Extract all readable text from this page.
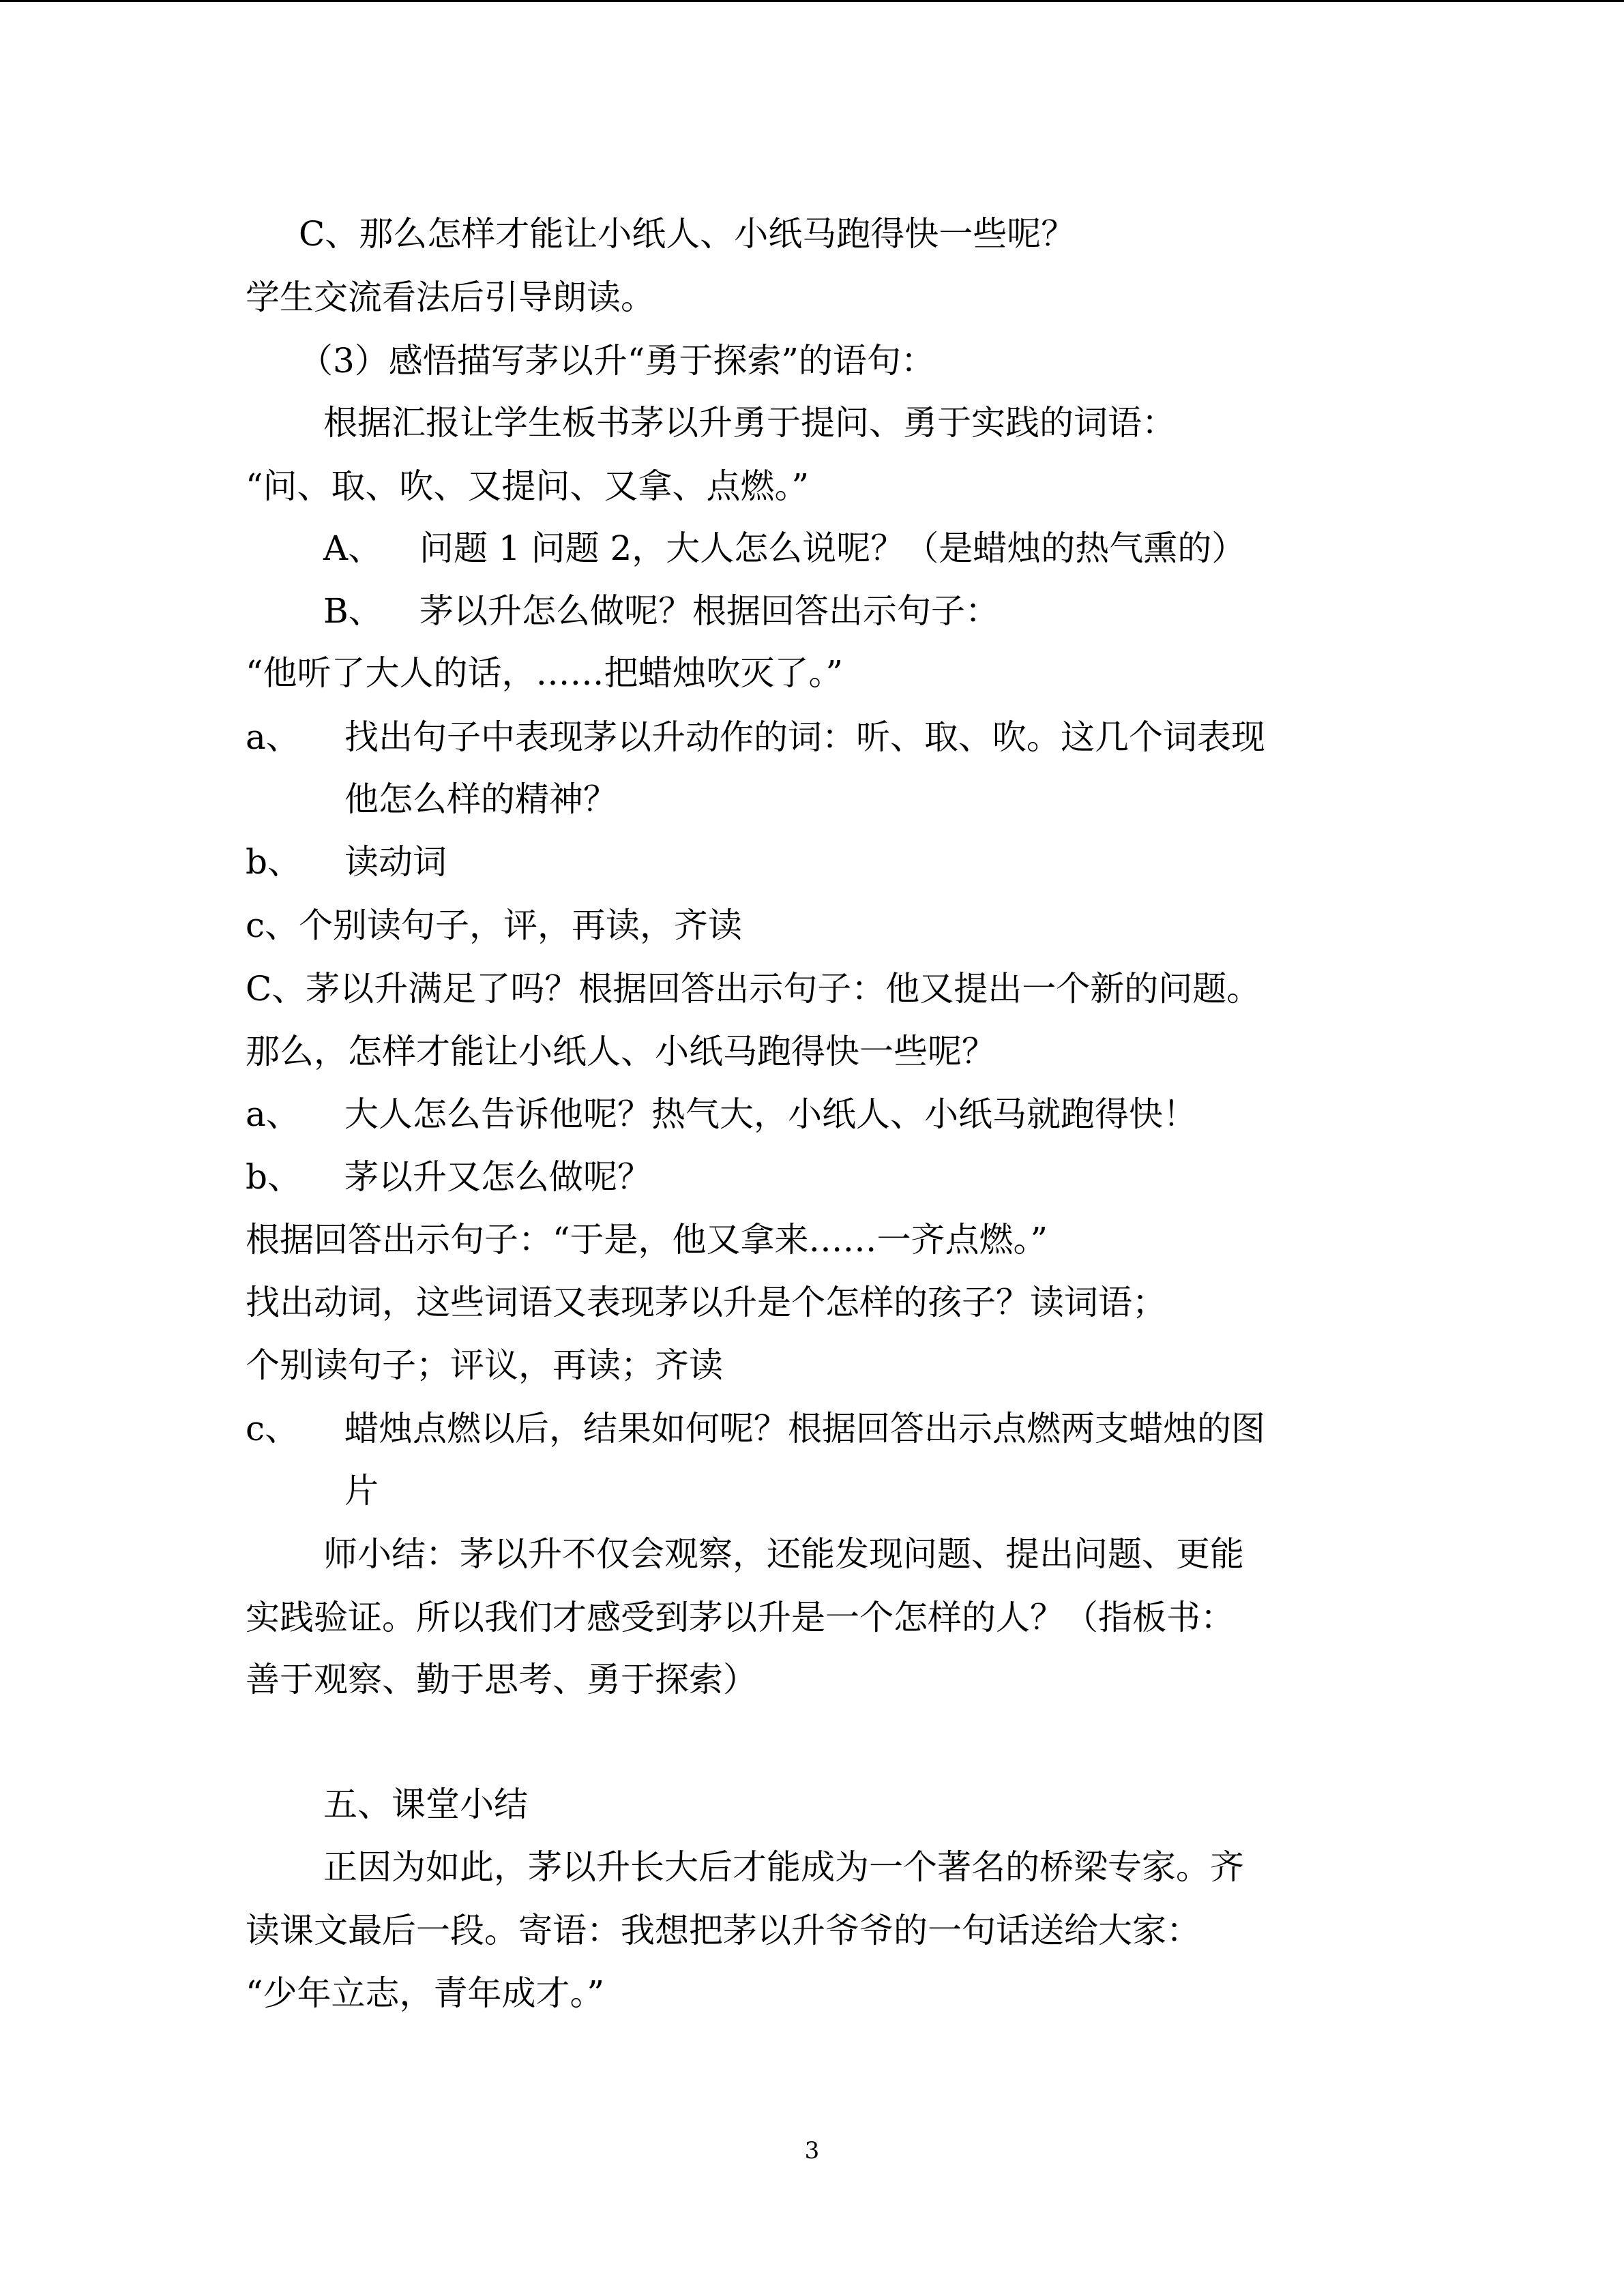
C、那么怎样才能让小纸人、小纸马跑得快一些呢？
学生交流看法后引导朗读。
（3）感悟描写茅以升“勇于探索”的语句：
根据汇报让学生板书茅以升勇于提问、勇于实践的词语：
“问、取、吹、又提问、又拿、点燃。”
A、 问题 1 问题 2，大人怎么说呢？（是蜡烛的热气熏的）
B、 茅以升怎么做呢？根据回答出示句子：
“他听了大人的话，……把蜡烛吹灭了。”
a、 找出句子中表现茅以升动作的词：听、取、吹。这几个词表现
他怎么样的精神？
b、 读动词
c、个别读句子，评，再读，齐读
C、茅以升满足了吗？根据回答出示句子：他又提出一个新的问题。
那么，怎样才能让小纸人、小纸马跑得快一些呢？
a、 大人怎么告诉他呢？热气大，小纸人、小纸马就跑得快！
b、 茅以升又怎么做呢？
根据回答出示句子：“于是，他又拿来……一齐点燃。”
找出动词，这些词语又表现茅以升是个怎样的孩子？读词语；
个别读句子；评议，再读；齐读
c、 蜡烛点燃以后，结果如何呢？根据回答出示点燃两支蜡烛的图
片
师小结：茅以升不仅会观察，还能发现问题、提出问题、更能
实践验证。所以我们才感受到茅以升是一个怎样的人？（指板书：
善于观察、勤于思考、勇于探索）
五、课堂小结
正因为如此，茅以升长大后才能成为一个著名的桥梁专家。齐
读课文最后一段。寄语：我想把茅以升爷爷的一句话送给大家：
“少年立志，青年成才。”
3
